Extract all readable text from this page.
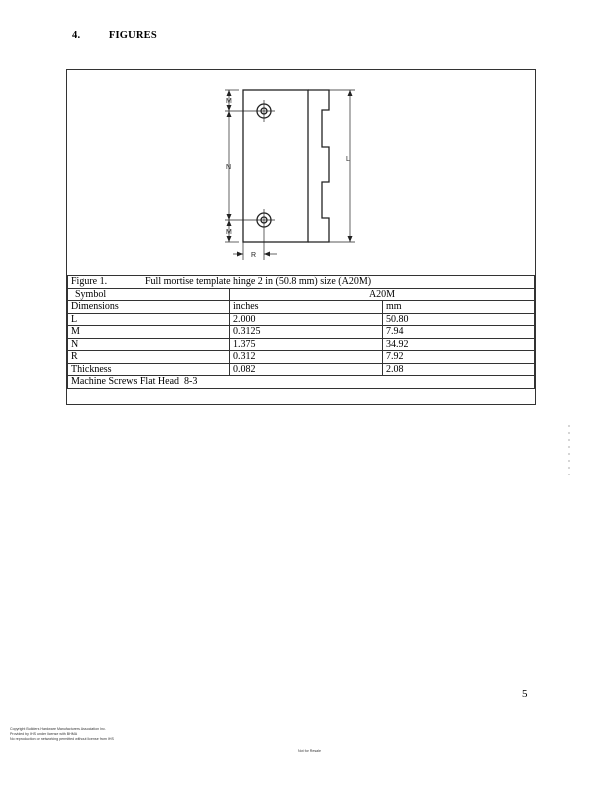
4.	FIGURES
M
N
M
L
R
Figure 1. Full mortise template hinge 2 in (50.8 mm) size (A20M)		
Symbol	A20M	
Dimensions	inches	mm
L	2.000	50.80
M	0.3125	7.94
N	1.375	34.92
R	0.312	7.92
Thickness	0.082	2.08
Machine Screws Flat Head  8-3		
5
Copyright Builders Hardware Manufacturers Association Inc.
Provided by IHS under license with BHMA
No reproduction or networking permitted without license from IHS
Not for Resale
